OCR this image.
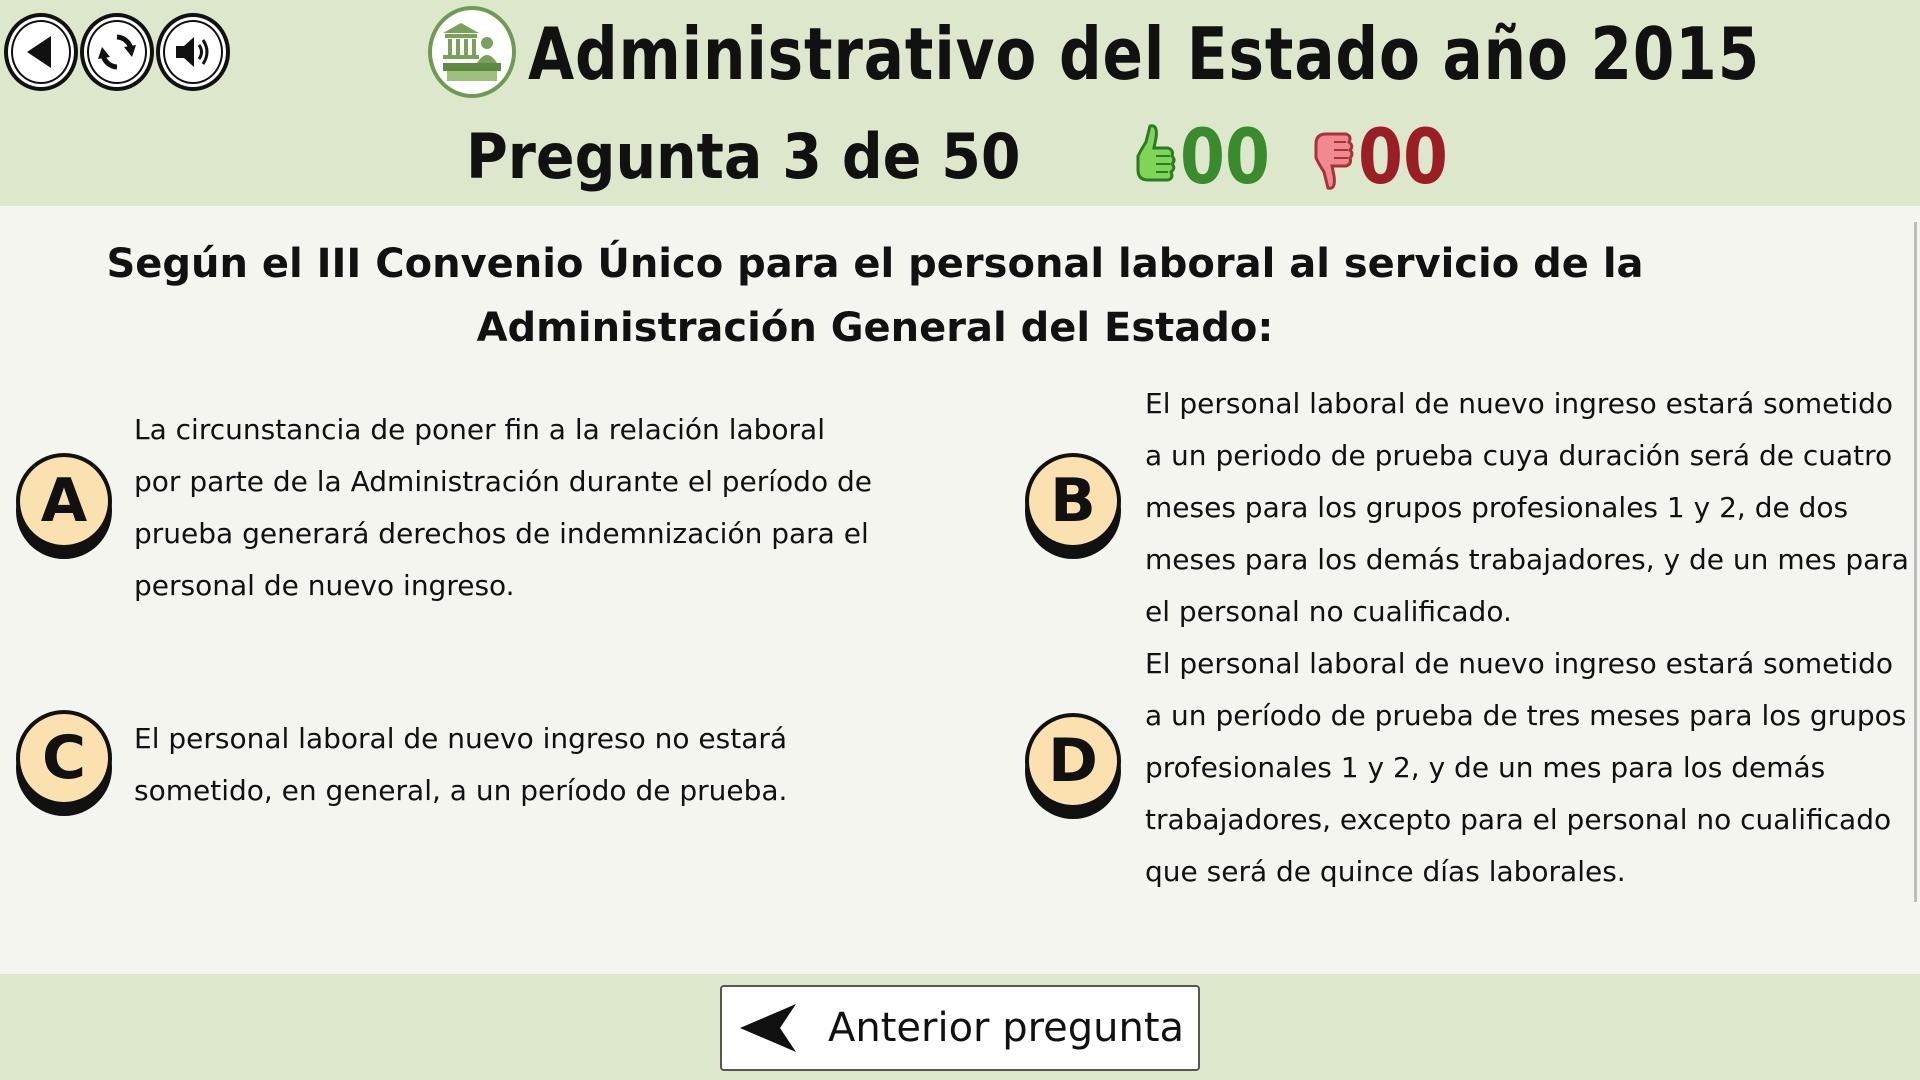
Administrativo del Estado año 2015
Pregunta 3 de 50 00 00
Según el III Convenio Único para el personal laboral al servicio de la Administración General del Estado:
A
La circunstancia de poner fin a la relación laboral por parte de la Administración durante el período de prueba generará derechos de indemnización para el personal de nuevo ingreso.
B
El personal laboral de nuevo ingreso estará sometido a un periodo de prueba cuya duración será de cuatro meses para los grupos profesionales 1 y 2, de dos meses para los demás trabajadores, y de un mes para el personal no cualificado.
C	El personal laboral de nuevo ingreso no estará sometido, en general, a un período de prueba.	D
El personal laboral de nuevo ingreso estará sometido a un período de prueba de tres meses para los grupos profesionales 1 y 2, y de un mes para los demás trabajadores, excepto para el personal no cualificado que será de quince días laborales.
Anterior pregunta
